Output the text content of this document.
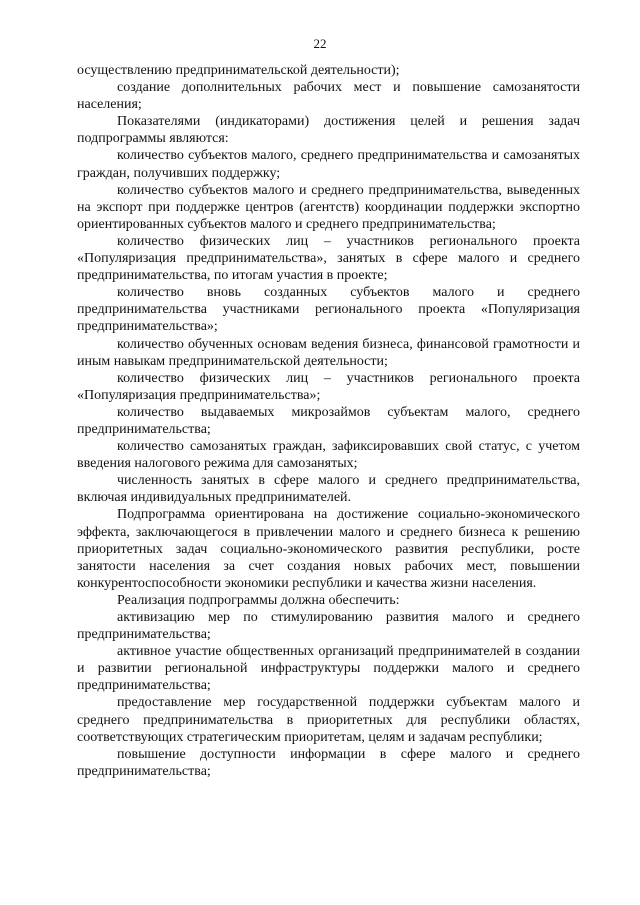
22

осуществлению предпринимательской деятельности);

создание дополнительных рабочих мест и повышение самозанятости населения;

Показателями (индикаторами) достижения целей и решения задач подпрограммы являются:

количество субъектов малого, среднего предпринимательства и самозанятых граждан, получивших поддержку;

количество субъектов малого и среднего предпринимательства, выведенных на экспорт при поддержке центров (агентств) координации поддержки экспортно ориентированных субъектов малого и среднего предпринимательства;

количество физических лиц – участников регионального проекта «Популяризация предпринимательства», занятых в сфере малого и среднего предпринимательства, по итогам участия в проекте;

количество вновь созданных субъектов малого и среднего предпринимательства участниками регионального проекта «Популяризация предпринимательства»;

количество обученных основам ведения бизнеса, финансовой грамотности и иным навыкам предпринимательской деятельности;

количество физических лиц – участников регионального проекта «Популяризация предпринимательства»;

количество выдаваемых микрозаймов субъектам малого, среднего предпринимательства;

количество самозанятых граждан, зафиксировавших свой статус, с учетом введения налогового режима для самозанятых;

численность занятых в сфере малого и среднего предпринимательства, включая индивидуальных предпринимателей.

Подпрограмма ориентирована на достижение социально-экономического эффекта, заключающегося в привлечении малого и среднего бизнеса к решению приоритетных задач социально-экономического развития республики, росте занятости населения за счет создания новых рабочих мест, повышении конкурентоспособности экономики республики и качества жизни населения.

Реализация подпрограммы должна обеспечить:

активизацию мер по стимулированию развития малого и среднего предпринимательства;

активное участие общественных организаций предпринимателей в создании и развитии региональной инфраструктуры поддержки малого и среднего предпринимательства;

предоставление мер государственной поддержки субъектам малого и среднего предпринимательства в приоритетных для республики областях, соответствующих стратегическим приоритетам, целям и задачам республики;

повышение доступности информации в сфере малого и среднего предпринимательства;
